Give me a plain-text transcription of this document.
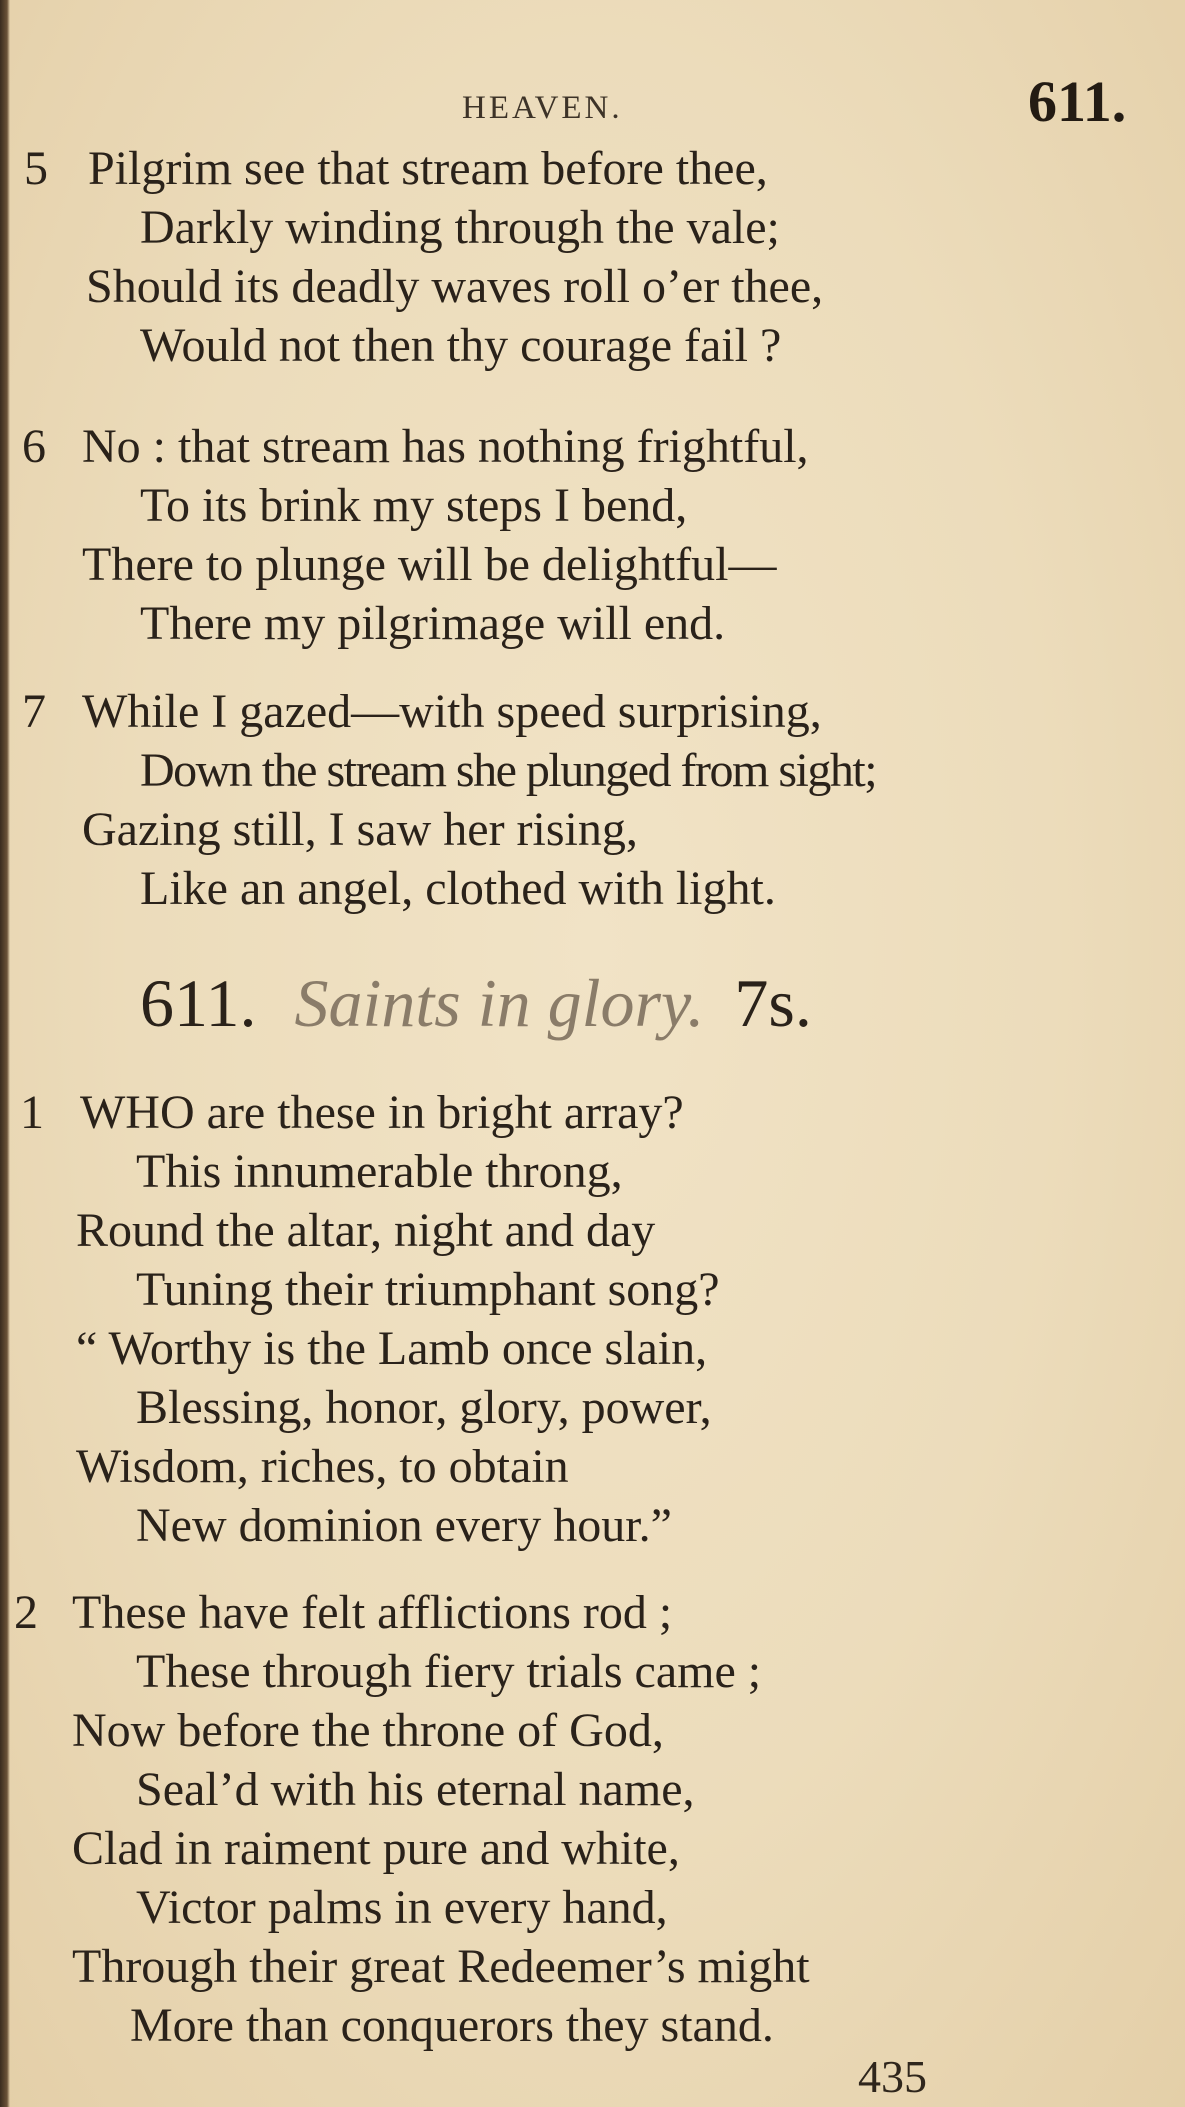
HEAVEN.	611.
5 Pilgrim see that stream before thee,
Darkly winding through the vale;
Should its deadly waves roll o’er thee,
Would not then thy courage fail ?
6 No : that stream has nothing frightful,
To its brink my steps I bend,
There to plunge will be delightful—
There my pilgrimage will end.
7 While I gazed—with speed surprising,
Down the stream she plunged from sight;
Gazing still, I saw her rising,
Like an angel, clothed with light.
611. Saints in glory. 7s.
1 WHO are these in bright array?
This innumerable throng,
Round the altar, night and day
Tuning their triumphant song?
“ Worthy is the Lamb once slain,
Blessing, honor, glory, power,
Wisdom, riches, to obtain
New dominion every hour.”
2 These have felt afflictions rod ;
These through fiery trials came ;
Now before the throne of God,
Seal’d with his eternal name,
Clad in raiment pure and white,
Victor palms in every hand,
Through their great Redeemer’s might
More than conquerors they stand.
435
